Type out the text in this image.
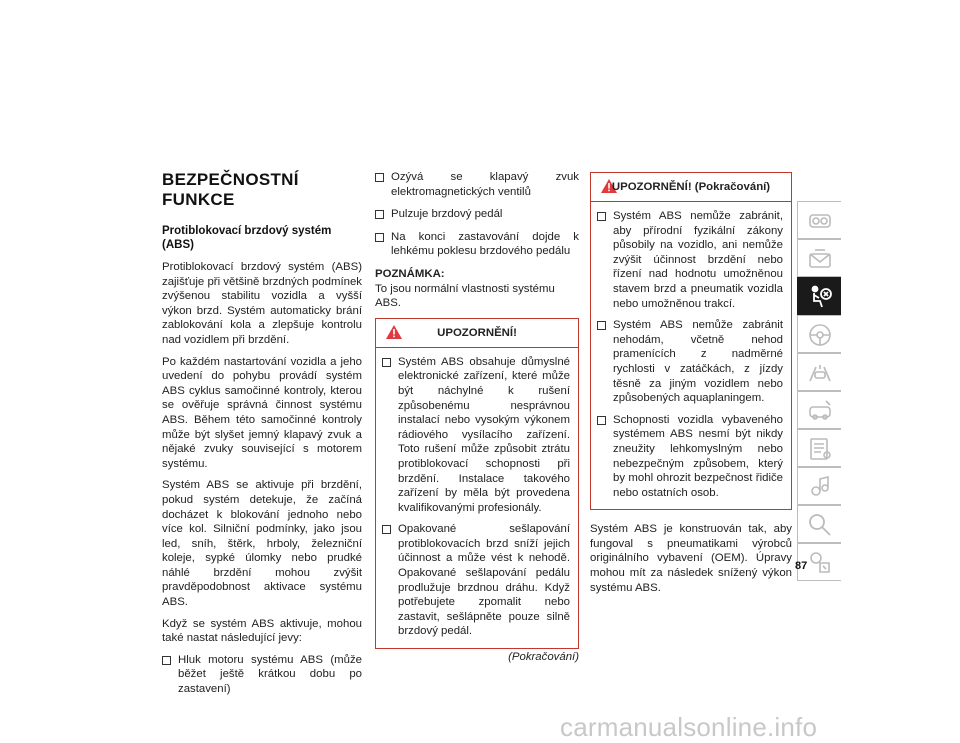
BEZPEČNOSTNÍ FUNKCE
Protiblokovací brzdový systém (ABS)

Protiblokovací brzdový systém (ABS) zajišťuje při většině brzdných podmínek zvýšenou stabilitu vozidla a vyšší výkon brzd. Systém automaticky brání zablokování kola a zlepšuje kontrolu nad vozidlem při brzdění.

Po každém nastartování vozidla a jeho uvedení do pohybu provádí systém ABS cyklus samočinné kontroly, kterou se ověřuje správná činnost systému ABS. Během této samočinné kontroly může být slyšet jemný klapavý zvuk a nějaké zvuky související s motorem systému.

Systém ABS se aktivuje při brzdění, pokud systém detekuje, že začíná docházet k blokování jednoho nebo více kol. Silniční podmínky, jako jsou led, sníh, štěrk, hrboly, železniční koleje, sypké úlomky nebo prudké náhlé brzdění mohou zvýšit pravděpodobnost aktivace systému ABS.

Když se systém ABS aktivuje, mohou také nastat následující jevy:

Hluk motoru systému ABS (může běžet ještě krátkou dobu po zastavení)
Ozývá se klapavý zvuk elektromagnetických ventilů
Pulzuje brzdový pedál
Na konci zastavování dojde k lehkému poklesu brzdového pedálu

POZNÁMKA:

To jsou normální vlastnosti systému ABS.

UPOZORNĚNÍ!
Systém ABS obsahuje důmyslné elektronické zařízení, které může být náchylné k rušení způsobenému nesprávnou instalací nebo vysokým výkonem rádiového vysílacího zařízení. Toto rušení může způsobit ztrátu protiblokovací schopnosti při brzdění. Instalace takového zařízení by měla být provedena kvalifikovanými profesionály.
Opakované sešlapování protiblokovacích brzd sníží jejich účinnost a může vést k nehodě. Opakované sešlapování pedálu prodlužuje brzdnou dráhu. Když potřebujete zpomalit nebo zastavit, sešlápněte pouze silně brzdový pedál.
(Pokračování)
UPOZORNĚNÍ! (Pokračování)
Systém ABS nemůže zabránit, aby přírodní fyzikální zákony působily na vozidlo, ani nemůže zvýšit účinnost brzdění nebo řízení nad hodnotu umožněnou stavem brzd a pneumatik vozidla nebo umožněnou trakcí.
Systém ABS nemůže zabránit nehodám, včetně nehod pramenících z nadměrné rychlosti v zatáčkách, z jízdy těsně za jiným vozidlem nebo způsobených aquaplaningem.
Schopnosti vozidla vybaveného systémem ABS nesmí být nikdy zneužity lehkomyslným nebo nebezpečným způsobem, který by mohl ohrozit bezpečnost řidiče nebo ostatních osob.

Systém ABS je konstruován tak, aby fungoval s pneumatikami výrobců originálního vybavení (OEM). Úpravy mohou mít za následek snížený výkon systému ABS.

87
carmanualsonline.info
